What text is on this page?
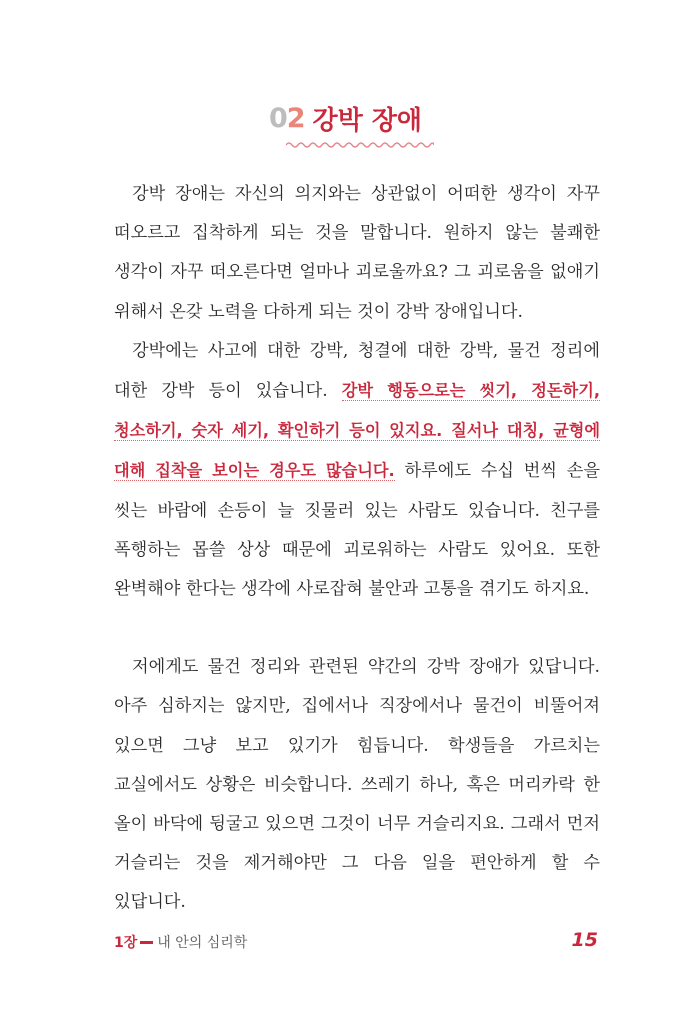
02 강박 장애

강박 장애는 자신의 의지와는 상관없이 어떠한 생각이 자꾸 떠오르고 집착하게 되는 것을 말합니다. 원하지 않는 불쾌한 생각이 자꾸 떠오른다면 얼마나 괴로울까요? 그 괴로움을 없애기 위해서 온갖 노력을 다하게 되는 것이 강박 장애입니다.

강박에는 사고에 대한 강박, 청결에 대한 강박, 물건 정리에 대한 강박 등이 있습니다. 강박 행동으로는 씻기, 정돈하기, 청소하기, 숫자 세기, 확인하기 등이 있지요. 질서나 대칭, 균형에 대해 집착을 보이는 경우도 많습니다. 하루에도 수십 번씩 손을 씻는 바람에 손등이 늘 짓물러 있는 사람도 있습니다. 친구를 폭행하는 몹쓸 상상 때문에 괴로워하는 사람도 있어요. 또한 완벽해야 한다는 생각에 사로잡혀 불안과 고통을 겪기도 하지요.

저에게도 물건 정리와 관련된 약간의 강박 장애가 있답니다. 아주 심하지는 않지만, 집에서나 직장에서나 물건이 비뚤어져 있으면 그냥 보고 있기가 힘듭니다. 학생들을 가르치는 교실에서도 상황은 비슷합니다. 쓰레기 하나, 혹은 머리카락 한 올이 바닥에 뒹굴고 있으면 그것이 너무 거슬리지요. 그래서 먼저 거슬리는 것을 제거해야만 그 다음 일을 편안하게 할 수 있답니다.

1장 내 안의 심리학	15
